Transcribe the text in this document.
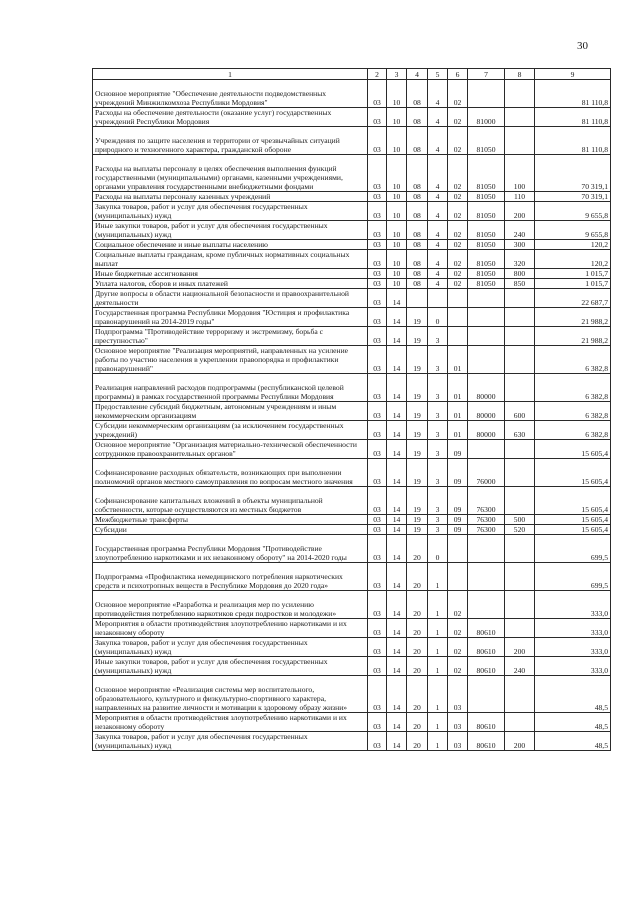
30
1	2	3	4	5	6	7	8	9
Основное мероприятие "Обеспечение деятельности подведомственных учреждений Минжилкомхоза Республики Мордовия"	03	10	08	4	02			81 110,8
Расходы на обеспечение деятельности (оказание услуг) государственных учреждений Республики Мордовия	03	10	08	4	02	81000		81 110,8
Учреждения по защите населения и территории от чрезвычайных ситуаций природного и техногенного характера, гражданской обороне	03	10	08	4	02	81050		81 110,8
Расходы на выплаты персоналу в целях обеспечения выполнения функций государственными (муниципальными) органами, казенными учреждениями, органами управления государственными внебюджетными фондами	03	10	08	4	02	81050	100	70 319,1
Расходы на выплаты персоналу казенных учреждений	03	10	08	4	02	81050	110	70 319,1
Закупка товаров, работ и услуг для обеспечения государственных (муниципальных) нужд	03	10	08	4	02	81050	200	9 655,8
Иные закупки товаров, работ и услуг для обеспечения государственных (муниципальных) нужд	03	10	08	4	02	81050	240	9 655,8
Социальное обеспечение и иные выплаты населению	03	10	08	4	02	81050	300	120,2
Социальные выплаты гражданам, кроме публичных нормативных социальных выплат	03	10	08	4	02	81050	320	120,2
Иные бюджетные ассигнования	03	10	08	4	02	81050	800	1 015,7
Уплата налогов, сборов и иных платежей	03	10	08	4	02	81050	850	1 015,7
Другие вопросы в области национальной безопасности и правоохранительной деятельности	03	14						22 687,7
Государственная программа Республики Мордовия "Юстиция и профилактика правонарушений на 2014-2019 годы"	03	14	19	0				21 988,2
Подпрограмма "Противодействие терроризму и экстремизму, борьба с преступностью"	03	14	19	3				21 988,2
Основное мероприятие "Реализация мероприятий, направленных на усиление работы по участию населения в укреплении правопорядка и профилактики правонарушений"	03	14	19	3	01			6 382,8
Реализация направлений расходов подпрограммы (республиканской целевой программы) в рамках государственной программы Республики Мордовия	03	14	19	3	01	80000		6 382,8
Предоставление субсидий бюджетным, автономным учреждениям и иным некоммерческим организациям	03	14	19	3	01	80000	600	6 382,8
Субсидии некоммерческим организациям (за исключением государственных учреждений)	03	14	19	3	01	80000	630	6 382,8
Основное мероприятие "Организация материально-технической обеспеченности сотрудников правоохранительных органов"	03	14	19	3	09			15 605,4
Софинансирование расходных обязательств, возникающих при выполнении полномочий органов местного самоуправления по вопросам местного значения	03	14	19	3	09	76000		15 605,4
Софинансирование капитальных вложений в объекты муниципальной собственности, которые осуществляются из местных бюджетов	03	14	19	3	09	76300		15 605,4
Межбюджетные трансферты	03	14	19	3	09	76300	500	15 605,4
Субсидии	03	14	19	3	09	76300	520	15 605,4
Государственная программа Республики Мордовия "Противодействие злоупотреблению наркотиками и их незаконному обороту" на 2014-2020 годы	03	14	20	0				699,5
Подпрограмма «Профилактика немедицинского потребления наркотических средств и психотропных веществ в Республике Мордовия до 2020 года»	03	14	20	1				699,5
Основное мероприятие «Разработка и реализация мер по усилению противодействия потреблению наркотиков среди подростков и молодежи»	03	14	20	1	02			333,0
Мероприятия в области противодействия злоупотреблению наркотиками и их незаконному обороту	03	14	20	1	02	80610		333,0
Закупка товаров, работ и услуг для обеспечения государственных (муниципальных) нужд	03	14	20	1	02	80610	200	333,0
Иные закупки товаров, работ и услуг для обеспечения государственных (муниципальных) нужд	03	14	20	1	02	80610	240	333,0
Основное мероприятие «Реализация системы мер воспитательного, образовательного, культурного и физкультурно-спортивного характера, направленных на развитие личности и мотивации к здоровому образу жизни»	03	14	20	1	03			48,5
Мероприятия в области противодействия злоупотреблению наркотиками и их незаконному обороту	03	14	20	1	03	80610		48,5
Закупка товаров, работ и услуг для обеспечения государственных (муниципальных) нужд	03	14	20	1	03	80610	200	48,5
